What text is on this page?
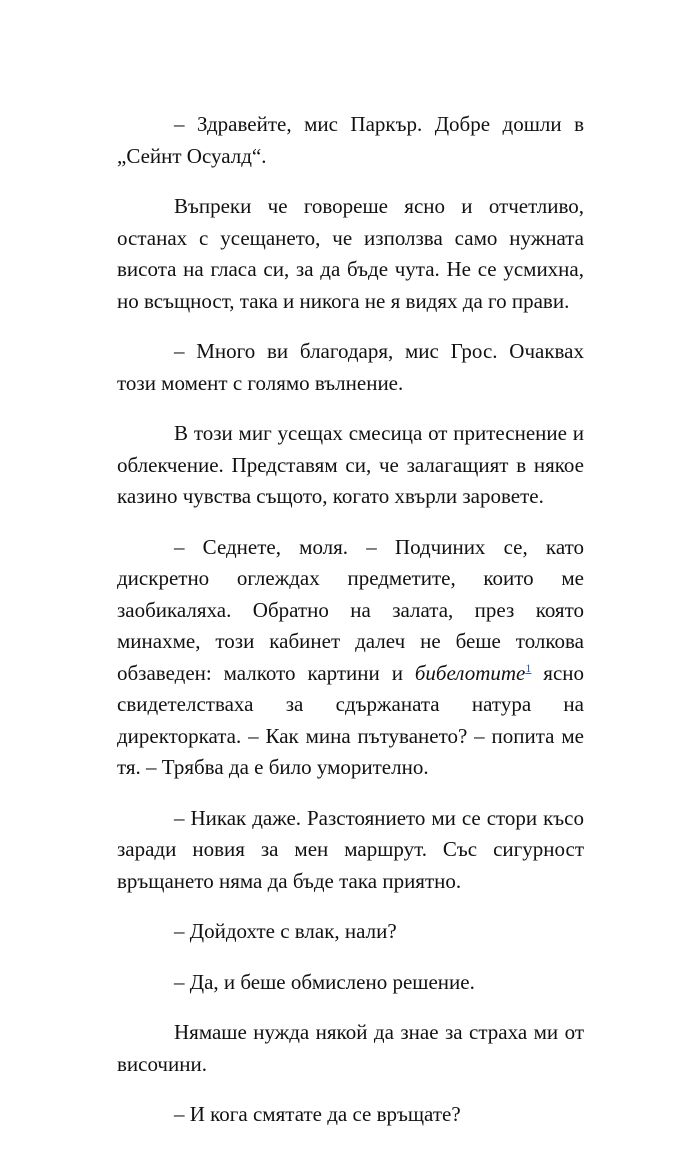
– Здравейте, мис Паркър. Добре дошли в „Сейнт Осуалд“.

Въпреки че говореше ясно и отчетливо, останах с усещането, че използва само нужната висота на гласа си, за да бъде чута. Не се усмихна, но всъщност, така и никога не я видях да го прави.

– Много ви благодаря, мис Грос. Очаквах този момент с голямо вълнение.

В този миг усещах смесица от притеснение и облекчение. Представям си, че залагащият в някое казино чувства същото, когато хвърли заровете.

– Седнете, моля. – Подчиних се, като дискретно оглеждах предметите, които ме заобикаляха. Обратно на залата, през която минахме, този кабинет далеч не беше толкова обзаведен: малкото картини и бибелотите$^1$ ясно свидетелстваха за сдържаната натура на директорката. – Как мина пътуването? – попита ме тя. – Трябва да е било уморително.

– Никак даже. Разстоянието ми се стори късо заради новия за мен маршрут. Със сигурност връщането няма да бъде така приятно.

– Дойдохте с влак, нали?

– Да, и беше обмислено решение.

Нямаше нужда някой да знае за страха ми от височини.

– И кога смятате да се връщате?
